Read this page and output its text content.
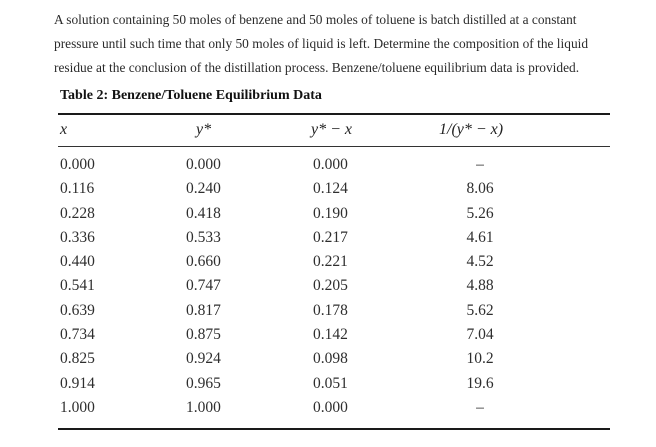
A solution containing 50 moles of benzene and 50 moles of toluene is batch distilled at a constant
pressure until such time that only 50 moles of liquid is left. Determine the composition of the liquid
residue at the conclusion of the distillation process. Benzene/toluene equilibrium data is provided.
Table 2: Benzene/Toluene Equilibrium Data
x	y*	y* − x	1/(y* − x)
0.000	0.000	0.000	–
0.116	0.240	0.124	8.06
0.228	0.418	0.190	5.26
0.336	0.533	0.217	4.61
0.440	0.660	0.221	4.52
0.541	0.747	0.205	4.88
0.639	0.817	0.178	5.62
0.734	0.875	0.142	7.04
0.825	0.924	0.098	10.2
0.914	0.965	0.051	19.6
1.000	1.000	0.000	–
